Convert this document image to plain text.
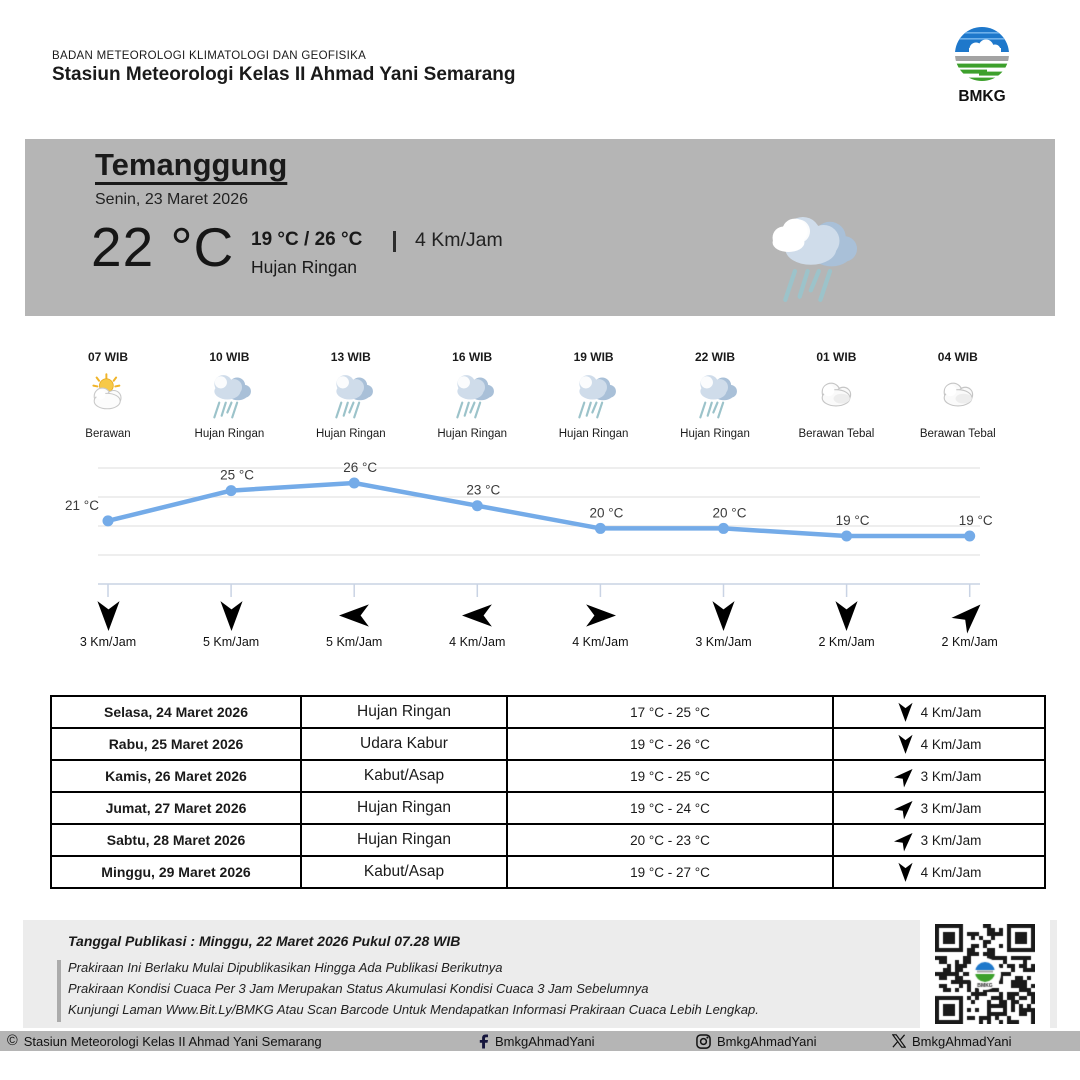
BADAN METEOROLOGI KLIMATOLOGI DAN GEOFISIKA
Stasiun Meteorologi Kelas II Ahmad Yani Semarang
BMKG
Temanggung
Senin, 23 Maret 2026
22 °C 19 °C / 26 °C
Hujan Ringan
4 Km/Jam
07 WIB
Berawan
10 WIB
Hujan Ringan
13 WIB
Hujan Ringan
16 WIB
Hujan Ringan
19 WIB
Hujan Ringan
22 WIB
Hujan Ringan
01 WIB
Berawan Tebal
04 WIB
Berawan Tebal
21 °C
25 °C
26 °C
23 °C
20 °C	20 °C
19 °C	19 °C
3 Km/Jam	5 Km/Jam	5 Km/Jam	4 Km/Jam	4 Km/Jam	3 Km/Jam	2 Km/Jam	2 Km/Jam
Selasa, 24 Maret 2026	Hujan Ringan	17 °C - 25 °C	4 Km/Jam

Rabu, 25 Maret 2026	Udara Kabur	19 °C - 26 °C	4 Km/Jam

Kamis, 26 Maret 2026	Kabut/Asap	19 °C - 25 °C	3 Km/Jam

Jumat, 27 Maret 2026	Hujan Ringan	19 °C - 24 °C	3 Km/Jam

Sabtu, 28 Maret 2026	Hujan Ringan	20 °C - 23 °C	3 Km/Jam

Minggu, 29 Maret 2026	Kabut/Asap	19 °C - 27 °C	4 Km/Jam
Tanggal Publikasi : Minggu, 22 Maret 2026 Pukul 07.28 WIB
Prakiraan Ini Berlaku Mulai Dipublikasikan Hingga Ada Publikasi Berikutnya
Prakiraan Kondisi Cuaca Per 3 Jam Merupakan Status Akumulasi Kondisi Cuaca 3 Jam Sebelumnya
Kunjungi Laman Www.Bit.Ly/BMKG Atau Scan Barcode Untuk Mendapatkan Informasi Prakiraan Cuaca Lebih Lengkap.
© Stasiun Meteorologi Kelas II Ahmad Yani Semarang	BmkgAhmadYani	BmkgAhmadYani	BmkgAhmadYani
